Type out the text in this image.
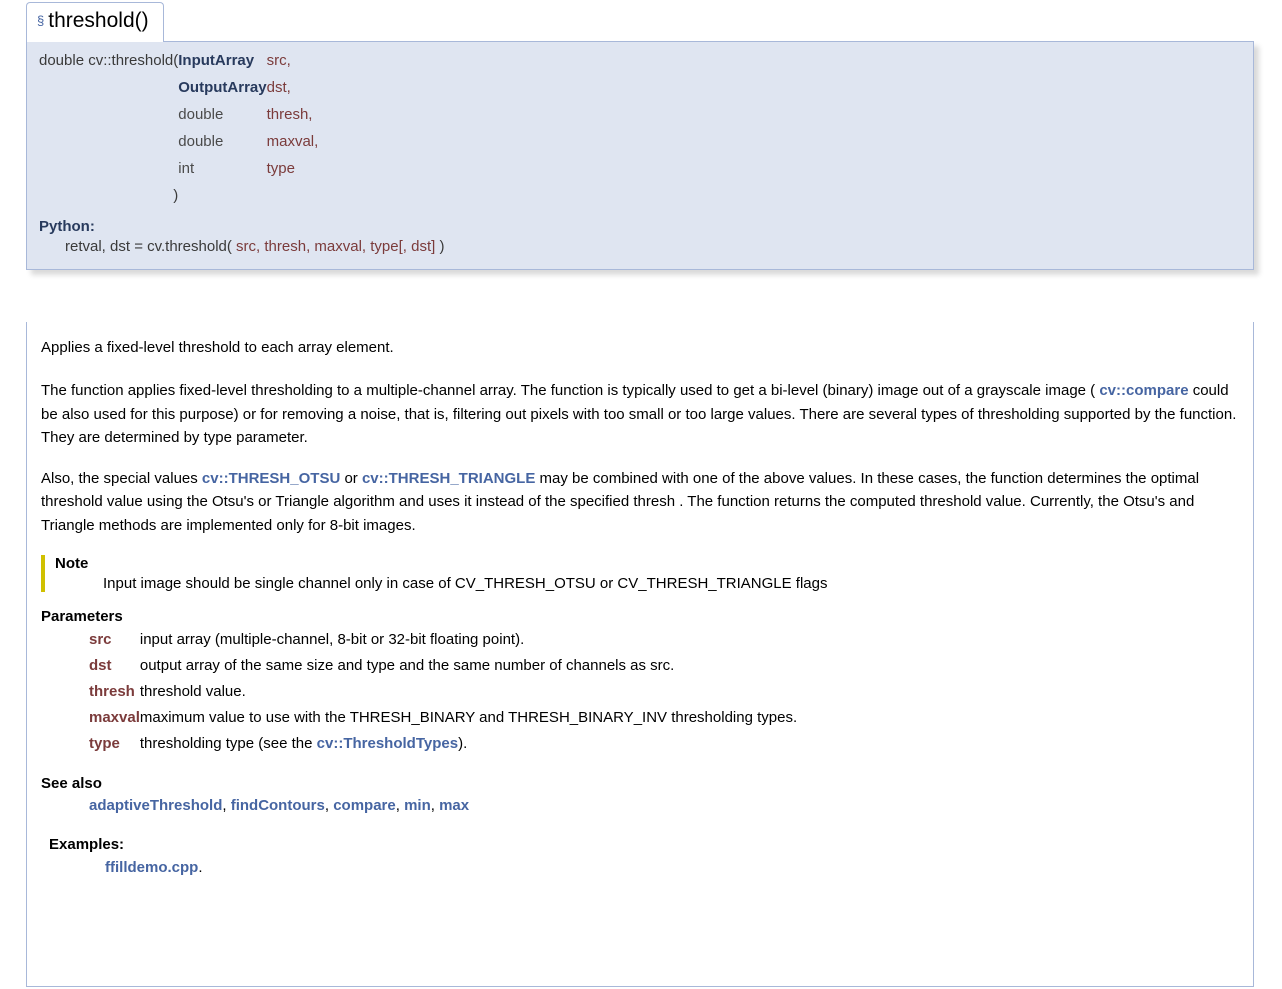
§ threshold()
double cv::threshold	(	InputArray	src,
		OutputArray	dst,
		double	thresh,
		double	maxval,
		int	type
	)		
Python:
retval, dst = cv.threshold( src, thresh, maxval, type[, dst] )

Applies a fixed-level threshold to each array element.

The function applies fixed-level thresholding to a multiple-channel array. The function is typically used to get a bi-level (binary) image out of a grayscale image ( cv::compare could be also used for this purpose) or for removing a noise, that is, filtering out pixels with too small or too large values. There are several types of thresholding supported by the function. They are determined by type parameter.

Also, the special values cv::THRESH_OTSU or cv::THRESH_TRIANGLE may be combined with one of the above values. In these cases, the function determines the optimal threshold value using the Otsu's or Triangle algorithm and uses it instead of the specified thresh . The function returns the computed threshold value. Currently, the Otsu's and Triangle methods are implemented only for 8-bit images.

Note
Input image should be single channel only in case of CV_THRESH_OTSU or CV_THRESH_TRIANGLE flags
Parameters
src	input array (multiple-channel, 8-bit or 32-bit floating point).
dst	output array of the same size and type and the same number of channels as src.
thresh	threshold value.
maxval	maximum value to use with the THRESH_BINARY and THRESH_BINARY_INV thresholding types.
type	thresholding type (see the cv::ThresholdTypes).
See also
adaptiveThreshold, findContours, compare, min, max
Examples:
ffilldemo.cpp.
